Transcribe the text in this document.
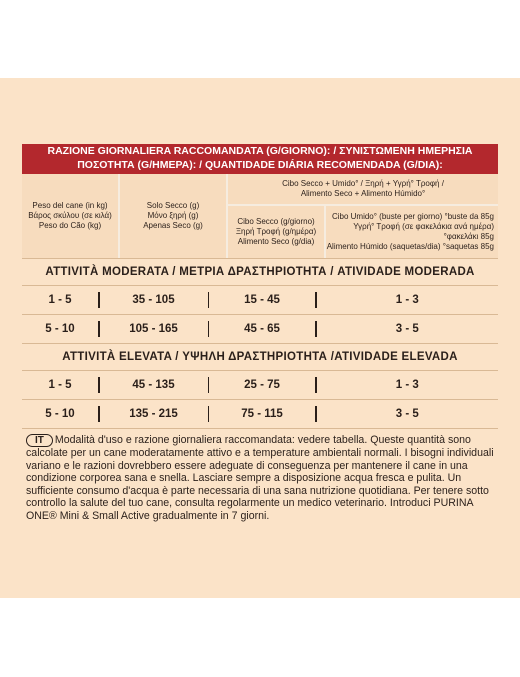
RAZIONE GIORNALIERA RACCOMANDATA (G/GIORNO): / ΣΥΝΙΣΤΩΜΕΝΗ ΗΜΕΡΗΣΙΑ ΠΟΣΟΤΗΤΑ (G/HMEPA): / QUANTIDADE DIÁRIA RECOMENDADA (G/DIA):
Peso del cane (in kg)
Βάρος σκύλου (σε κιλά)
Peso do Cão (kg)
Solo Secco (g)
Μόνο ξηρή (g)
Apenas Seco (g)
Cibo Secco + Umido° / Ξηρή + Υγρή° Τροφή /
Alimento Seco + Alimento Húmido°
Cibo Secco (g/giorno)
Ξηρή Τροφή (g/ημέρα)
Alimento Seco (g/dia)
Cibo Umido° (buste per giorno) °buste da 85g
Υγρή° Τροφή (σε φακελάκια ανά ημέρα) °φακελάκι 85g
Alimento Húmido (saquetas/dia) °saquetas 85g
ATTIVITÀ MODERATA / ΜΕΤΡΙΑ ΔΡΑΣΤΗΡΙΟΤΗΤΑ / ATIVIDADE MODERADA
1 - 5	35 - 105	15 - 45	1 - 3
5 - 10	105 - 165	45 - 65	3 - 5
ATTIVITÀ ELEVATA / ΥΨΗΛΗ ΔΡΑΣΤΗΡΙΟΤΗΤΑ /ATIVIDADE ELEVADA
1 - 5	45 - 135	25 - 75	1 - 3
5 - 10	135 - 215	75 - 115	3 - 5
IT Modalità d'uso e razione giornaliera raccomandata: vedere tabella. Queste quantità sono calcolate per un cane moderatamente attivo e a temperature ambientali normali. I bisogni individuali variano e le razioni dovrebbero essere adeguate di conseguenza per mantenere il cane in una condizione corporea sana e snella. Lasciare sempre a disposizione acqua fresca e pulita. Un sufficiente consumo d'acqua è parte necessaria di una sana nutrizione quotidiana. Per tenere sotto controllo la salute del tuo cane, consulta regolarmente un medico veterinario. Introduci PURINA ONE® Mini & Small Active gradualmente in 7 giorni.
